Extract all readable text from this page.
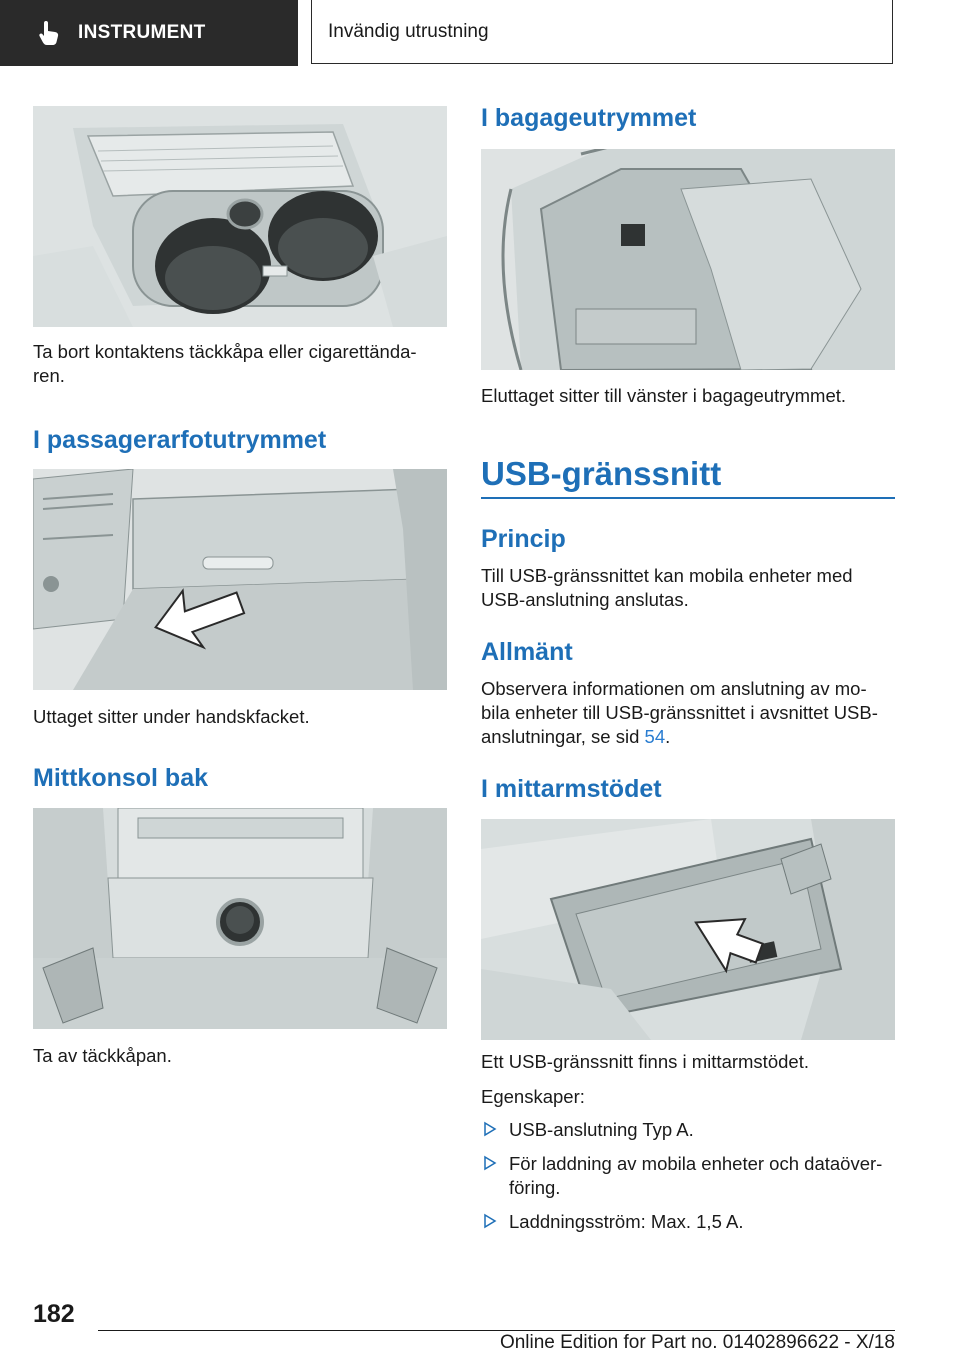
INSTRUMENT	Invändig utrustning

Ta bort kontaktens täckkåpa eller cigarettända-ren.

I passagerarfotutrymmet

Uttaget sitter under handskfacket.

Mittkonsol bak

Ta av täckkåpan.

I bagageutrymmet

Eluttaget sitter till vänster i bagageutrymmet.

USB-gränssnitt
Princip

Till USB-gränssnittet kan mobila enheter med USB-anslutning anslutas.

Allmänt

Observera informationen om anslutning av mo-bila enheter till USB-gränssnittet i avsnittet USB-anslutningar, se sid 54.

I mittarmstödet

Ett USB-gränssnitt finns i mittarmstödet.

Egenskaper:

USB-anslutning Typ A.
För laddning av mobila enheter och dataöver-föring.
Laddningsström: Max. 1,5 A.
182
Online Edition for Part no. 01402896622 - X/18
